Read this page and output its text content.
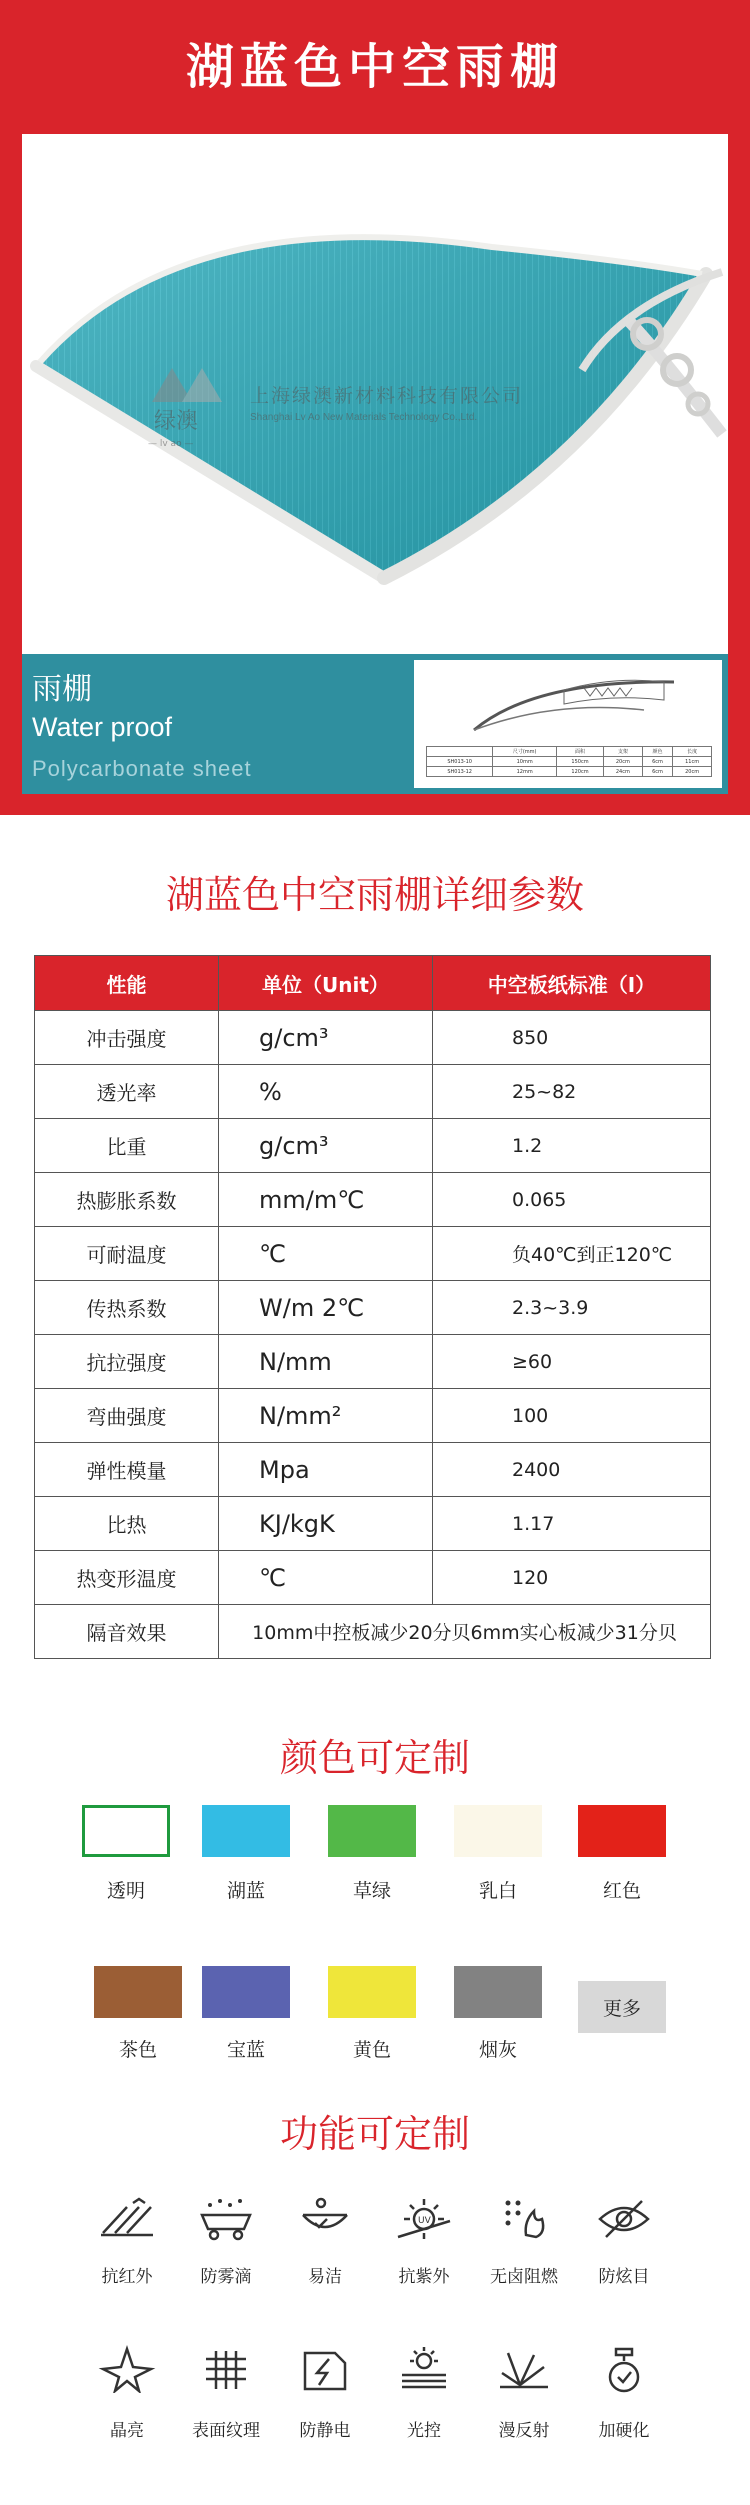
湖蓝色中空雨棚
绿澳
— lv ao —
上海绿澳新材料科技有限公司
Shanghai Lv Ao New Materials Technology Co.,Ltd.
雨棚
Water proof
Polycarbonate sheet
	尺寸(mm)	面积	支架	颜色	长度
SH013-10	10mm	150cm	20cm	6cm	11cm
SH013-12	12mm	120cm	24cm	6cm	20cm
湖蓝色中空雨棚详细参数
性能	单位（Unit）	中空板纸标准（I）
冲击强度	g/cm³	850
透光率	%	25~82
比重	g/cm³	1.2
热膨胀系数	mm/m℃	0.065
可耐温度	℃	负40℃到正120℃
传热系数	W/m 2℃	2.3~3.9
抗拉强度	N/mm	≥60
弯曲强度	N/mm²	100
弹性模量	Mpa	2400
比热	KJ/kgK	1.17
热变形温度	℃	120
隔音效果	10mm中控板减少20分贝6mm实心板减少31分贝	
颜色可定制
透明	湖蓝	草绿	乳白	红色
茶色	宝蓝	黄色	烟灰
更多
功能可定制
抗红外	防雾滴	易洁
UV
抗紫外	无卤阻燃	防炫目
晶亮	表面纹理	防静电	光控	漫反射	加硬化
